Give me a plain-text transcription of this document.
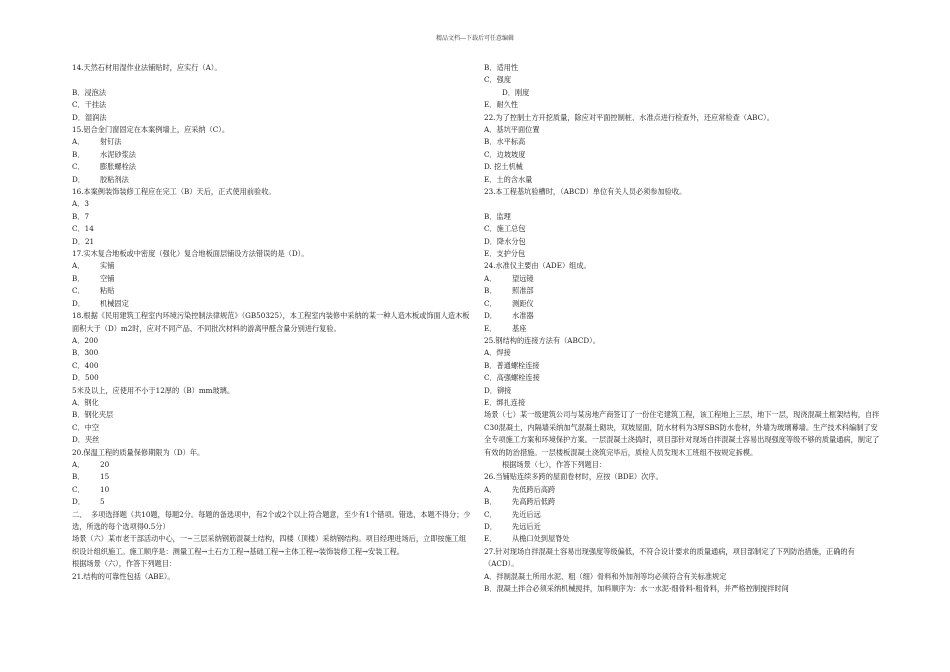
精品文档---下载后可任意编辑

14.天然石材用湿作业法铺贴时，应实行（A）。

B．浸泡法

C．干挂法

D．湿润法

15.铝合金门窗固定在本案例墙上，应采纳（C）。

A．	射钉法

B．	水泥砂浆法

C．	膨胀螺栓法

D．	胶粘剂法

16.本案例装饰装修工程应在完工（B）天后，正式使用前验收。

A．3

B．7

C．14

D．21

17.实木复合地板或中密度（强化）复合地板面层铺设方法错误的是（D）。

A．	实铺

B．	空铺

C．	粘贴

D．	机械固定

18.根据《民用建筑工程室内环境污染控制法律规范》（GB50325），本工程室内装修中采纳的某一种人造木板或饰面人造木板面积大于（D）m2时，应对不同产品、不同批次材料的游离甲醛含量分别进行复验。

A．200

B．300

C．400

D．500

5米及以上，应使用不小于12厚的（B）mm玻璃。

A．钢化

B．钢化夹层

C．中空

D．夹丝

20.保温工程的质量保修期限为（D）年。

A．	20

B．	15

C．	10

D．	5

二、  多项选择题（共10题，每题2分。每题的备选项中，有2个或2个以上符合题意，至少有1个错项。错选，本题不得分；少选，所选的每个选项得0.5分）

场景（六）某市老干部活动中心，一~三层采纳钢筋混凝土结构，四楼（顶楼）采纳钢结构。项目经理进场后，立即按施工组织设计组织施工。施工顺序是：测量工程→土石方工程→基础工程→主体工程→装饰装修工程→安装工程。

根据场景（六），作答下列题目：

21.结构的可靠性包括（ABE）。

B．适用性

C．强度

D．刚度

E．耐久性

22.为了控制土方开挖质量，除应对平面控制桩、水准点进行检查外，还应常检查（ABC）。

A．基坑平面位置

B．水平标高

C．边坡坡度

D. 挖土机械

E．土的含水量

23.本工程基坑验槽时，（ABCD）单位有关人员必须参加验收。

B．监理

C．施工总包

D．降水分包

E．支护分包

24.水准仪主要由（ADE）组成。

A．	望远镜

B．	照准部

C．	测距仪

D．	水准器

E．	基座

25.钢结构的连接方法有（ABCD）。

A．焊接

B．普通螺栓连接

C．高强螺栓连接

D．铆接

E．绑扎连接

场景（七）某一级建筑公司与某房地产商签订了一份住宅建筑工程，该工程地上三层，地下一层，现浇混凝土框架结构，自拌C30混凝土，内隔墙采纳加气混凝土砌块，双坡屋面，防水材料为3厚SBS防水卷材，外墙为玻璃幕墙。生产技术科编制了安全专项施工方案和环境保护方案。一层混凝土浇捣时，项目部针对现场自拌混凝土容易出现强度等级不够的质量通病，制定了有效的防治措施。一层楼板混凝土浇筑完毕后，质检人员发现木工班组不按规定拆模。

根据场景（七），作答下列题目：

26.当铺贴连续多跨的屋面卷材时，应按（BDE）次序。

A．	先低跨后高跨

B．	先高跨后低跨

C．	先近后远

D．	先远后近

E．	从檐口处到屋脊处

27.针对现场自拌混凝土容易出现强度等级偏低，不符合设计要求的质量通病，项目部制定了下列防治措施，正确的有（ACD）。

A．拌制混凝土所用水泥、粗（细）骨料和外加剂等均必须符合有关标准规定

B．混凝土拌合必须采纳机械搅拌，加料顺序为：水一水泥-细骨料-粗骨料，并严格控制搅拌时间
